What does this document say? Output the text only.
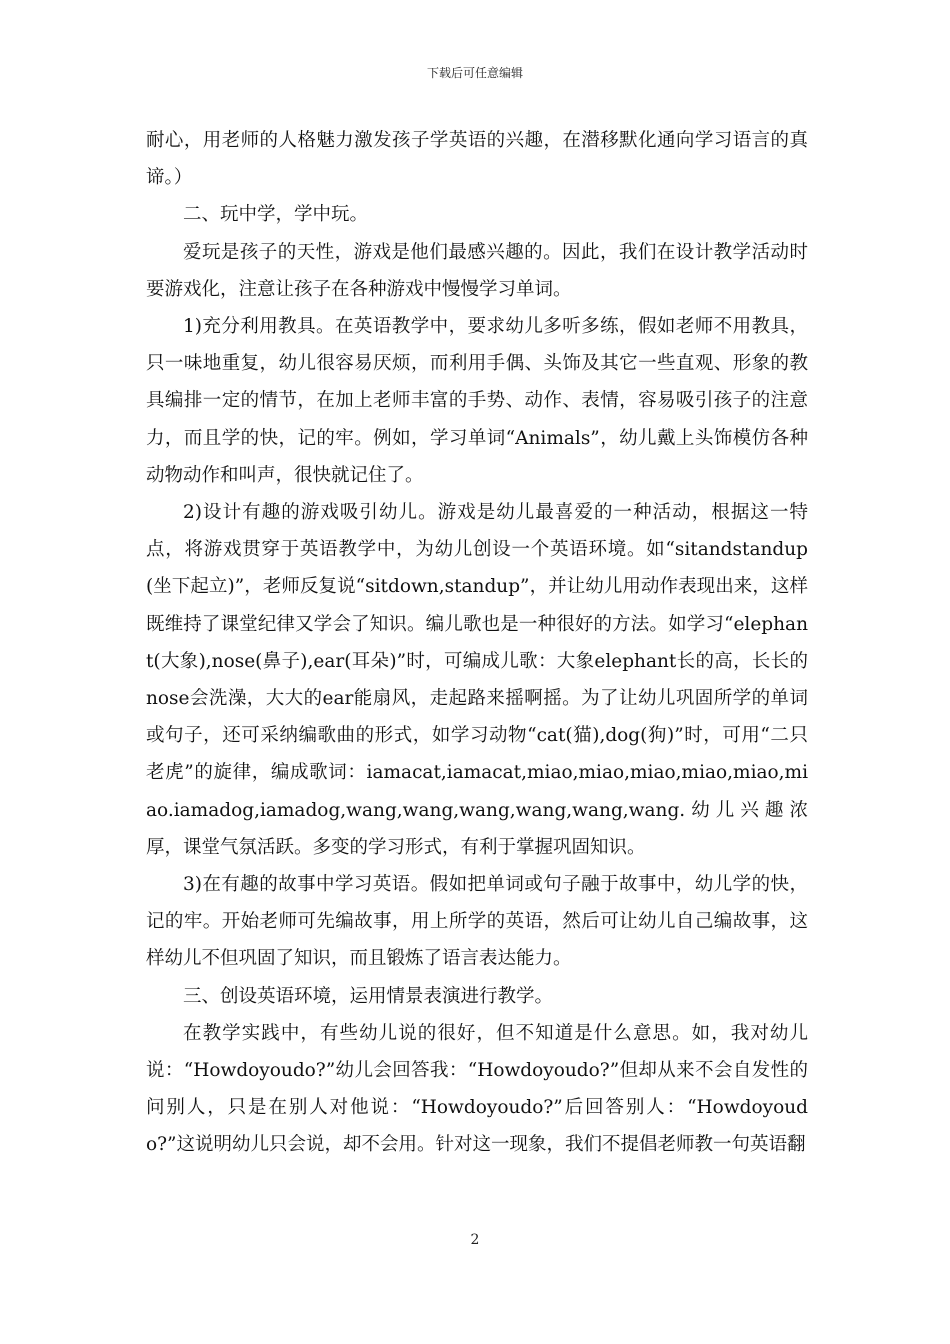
下载后可任意编辑

耐心，用老师的人格魅力激发孩子学英语的兴趣，在潜移默化通向学习语言的真谛。）

二、玩中学，学中玩。

爱玩是孩子的天性，游戏是他们最感兴趣的。因此，我们在设计教学活动时要游戏化，注意让孩子在各种游戏中慢慢学习单词。

1)充分利用教具。在英语教学中，要求幼儿多听多练，假如老师不用教具，只一味地重复，幼儿很容易厌烦，而利用手偶、头饰及其它一些直观、形象的教具编排一定的情节，在加上老师丰富的手势、动作、表情，容易吸引孩子的注意力，而且学的快，记的牢。例如，学习单词“Animals”，幼儿戴上头饰模仿各种动物动作和叫声，很快就记住了。

2)设计有趣的游戏吸引幼儿。游戏是幼儿最喜爱的一种活动，根据这一特点，将游戏贯穿于英语教学中，为幼儿创设一个英语环境。如“sitandstandup(坐下起立)”，老师反复说“sitdown,standup”，并让幼儿用动作表现出来，这样既维持了课堂纪律又学会了知识。编儿歌也是一种很好的方法。如学习“elephant(大象),nose(鼻子),ear(耳朵)”时，可编成儿歌：大象elephant长的高，长长的nose会洗澡，大大的ear能扇风，走起路来摇啊摇。为了让幼儿巩固所学的单词或句子，还可采纳编歌曲的形式，如学习动物“cat(猫),dog(狗)”时，可用“二只老虎”的旋律，编成歌词：iamacat,iamacat,miao,miao,miao,miao,miao,miao.iamadog,iamadog,wang,wang,wang,wang,wang,wang.幼儿兴趣浓厚，课堂气氛活跃。多变的学习形式，有利于掌握巩固知识。

3)在有趣的故事中学习英语。假如把单词或句子融于故事中，幼儿学的快，记的牢。开始老师可先编故事，用上所学的英语，然后可让幼儿自己编故事，这样幼儿不但巩固了知识，而且锻炼了语言表达能力。

三、创设英语环境，运用情景表演进行教学。

在教学实践中，有些幼儿说的很好，但不知道是什么意思。如，我对幼儿说：“Howdoyoudo?”幼儿会回答我：“Howdoyoudo?”但却从来不会自发性的问别人，只是在别人对他说：“Howdoyoudo?”后回答别人：“Howdoyoudo?”这说明幼儿只会说，却不会用。针对这一现象，我们不提倡老师教一句英语翻

2
